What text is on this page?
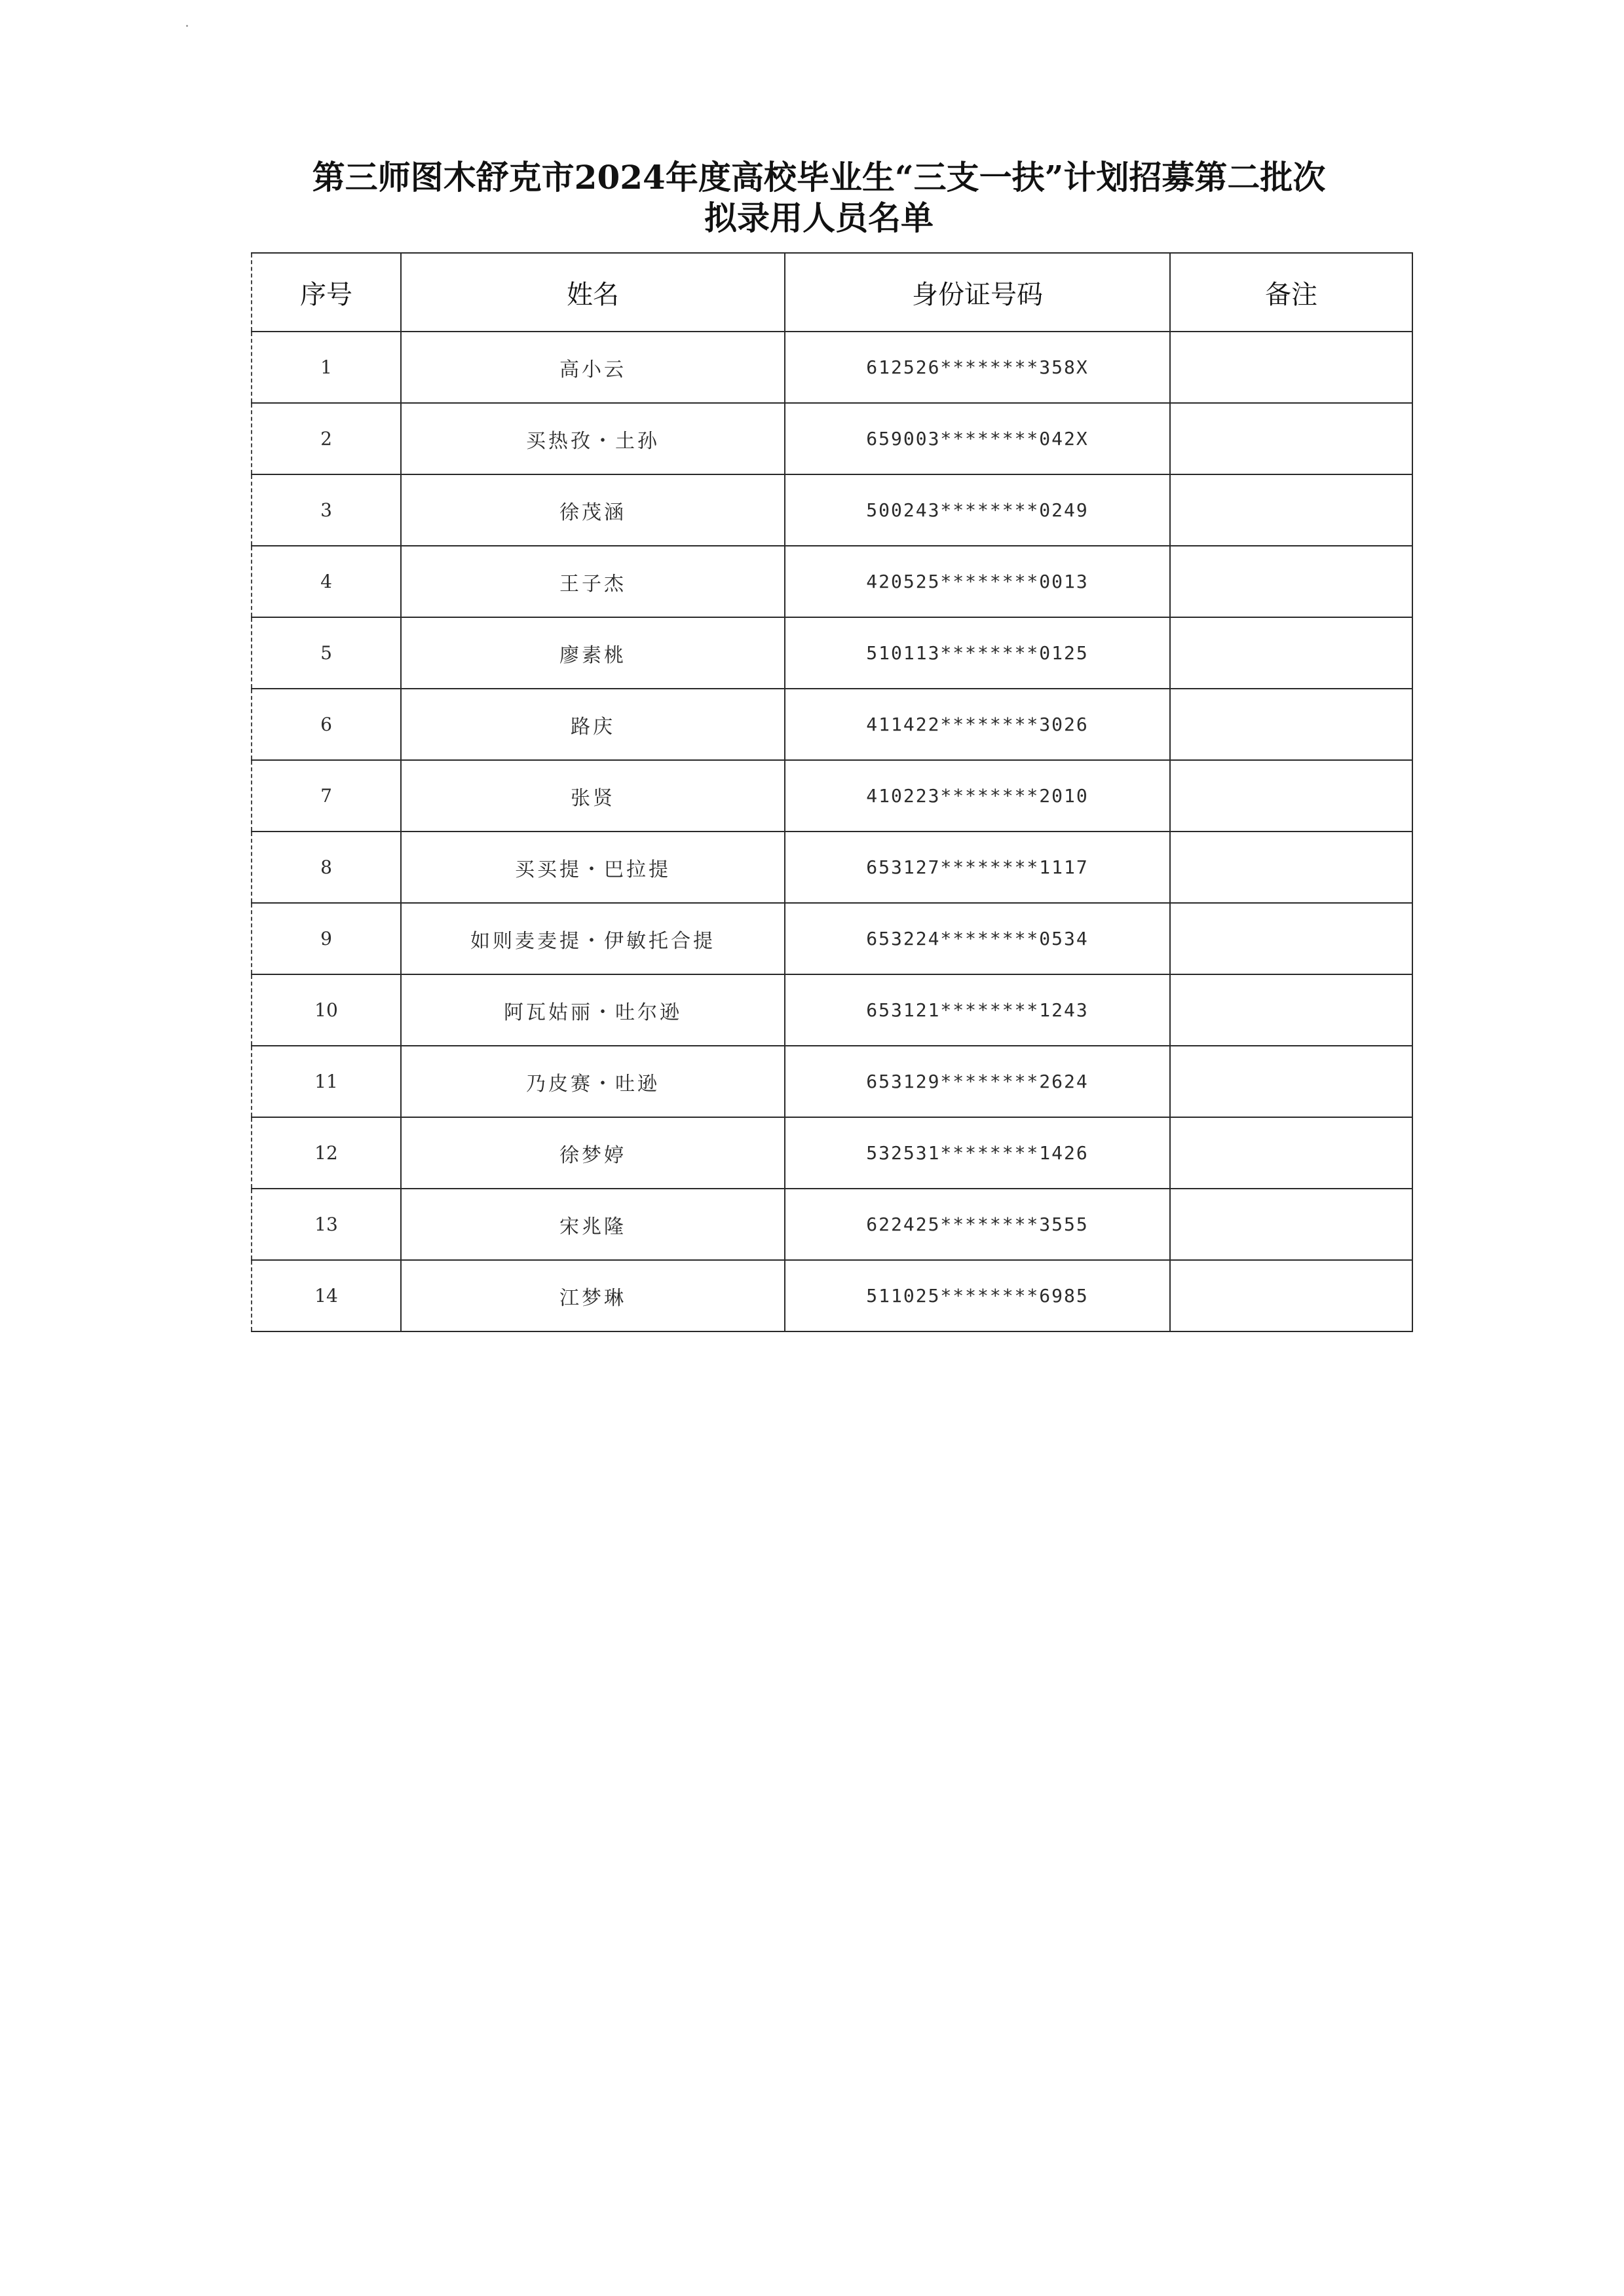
第三师图木舒克市2024年度高校毕业生“三支一扶”计划招募第二批次
拟录用人员名单
序号	姓名	身份证号码	备注
1	高小云	612526********358X	
2	买热孜・土孙	659003********042X	
3	徐茂涵	500243********0249	
4	王子杰	420525********0013	
5	廖素桃	510113********0125	
6	路庆	411422********3026	
7	张贤	410223********2010	
8	买买提・巴拉提	653127********1117	
9	如则麦麦提・伊敏托合提	653224********0534	
10	阿瓦姑丽・吐尔逊	653121********1243	
11	乃皮赛・吐逊	653129********2624	
12	徐梦婷	532531********1426	
13	宋兆隆	622425********3555	
14	江梦琳	511025********6985	
